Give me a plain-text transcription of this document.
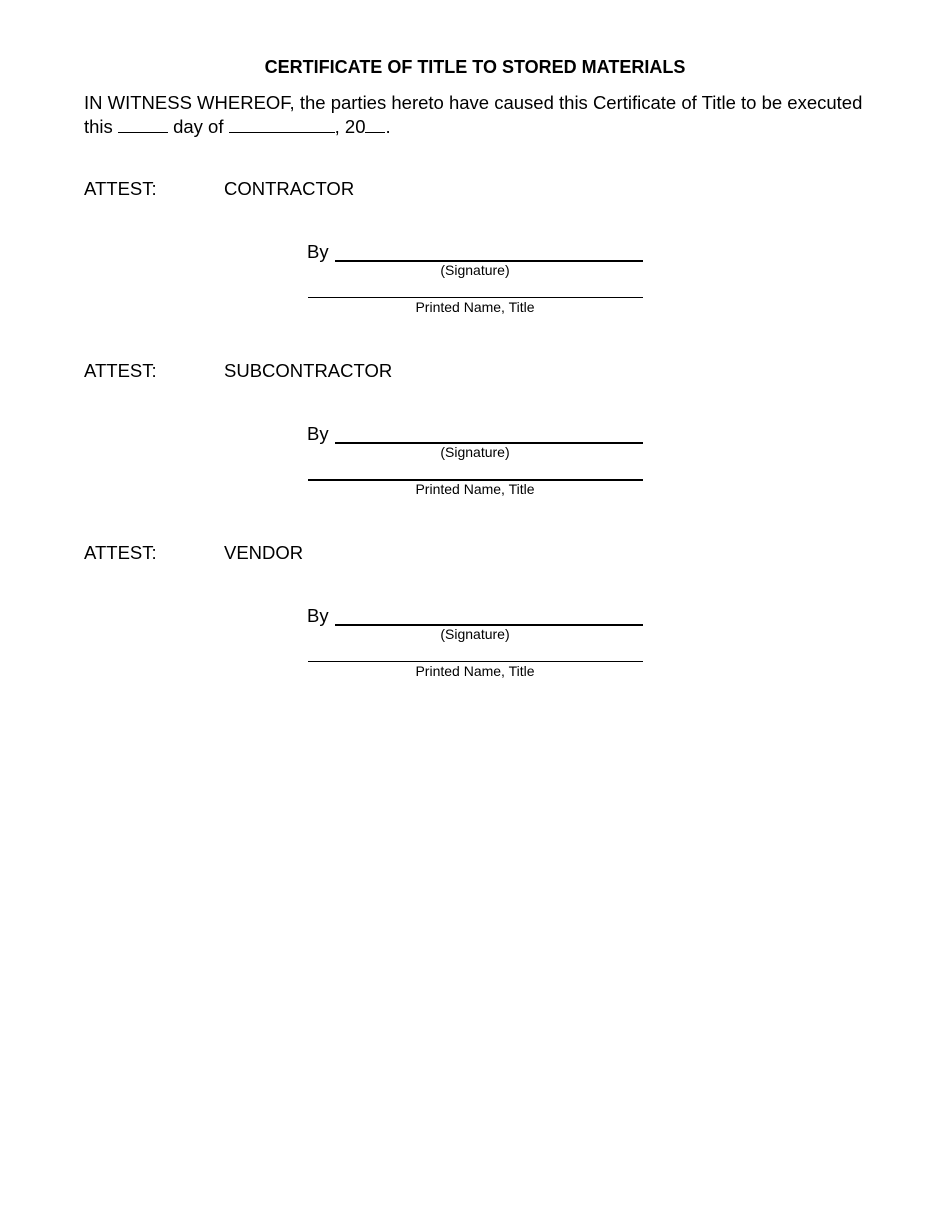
CERTIFICATE OF TITLE TO STORED MATERIALS

IN WITNESS WHEREOF, the parties hereto have caused this Certificate of Title to be executed
this	day of	, 20 .

ATTEST:	CONTRACTOR
By
(Signature)
Printed Name, Title
ATTEST:	SUBCONTRACTOR
By
(Signature)
Printed Name, Title
ATTEST:	VENDOR
By
(Signature)
Printed Name, Title
